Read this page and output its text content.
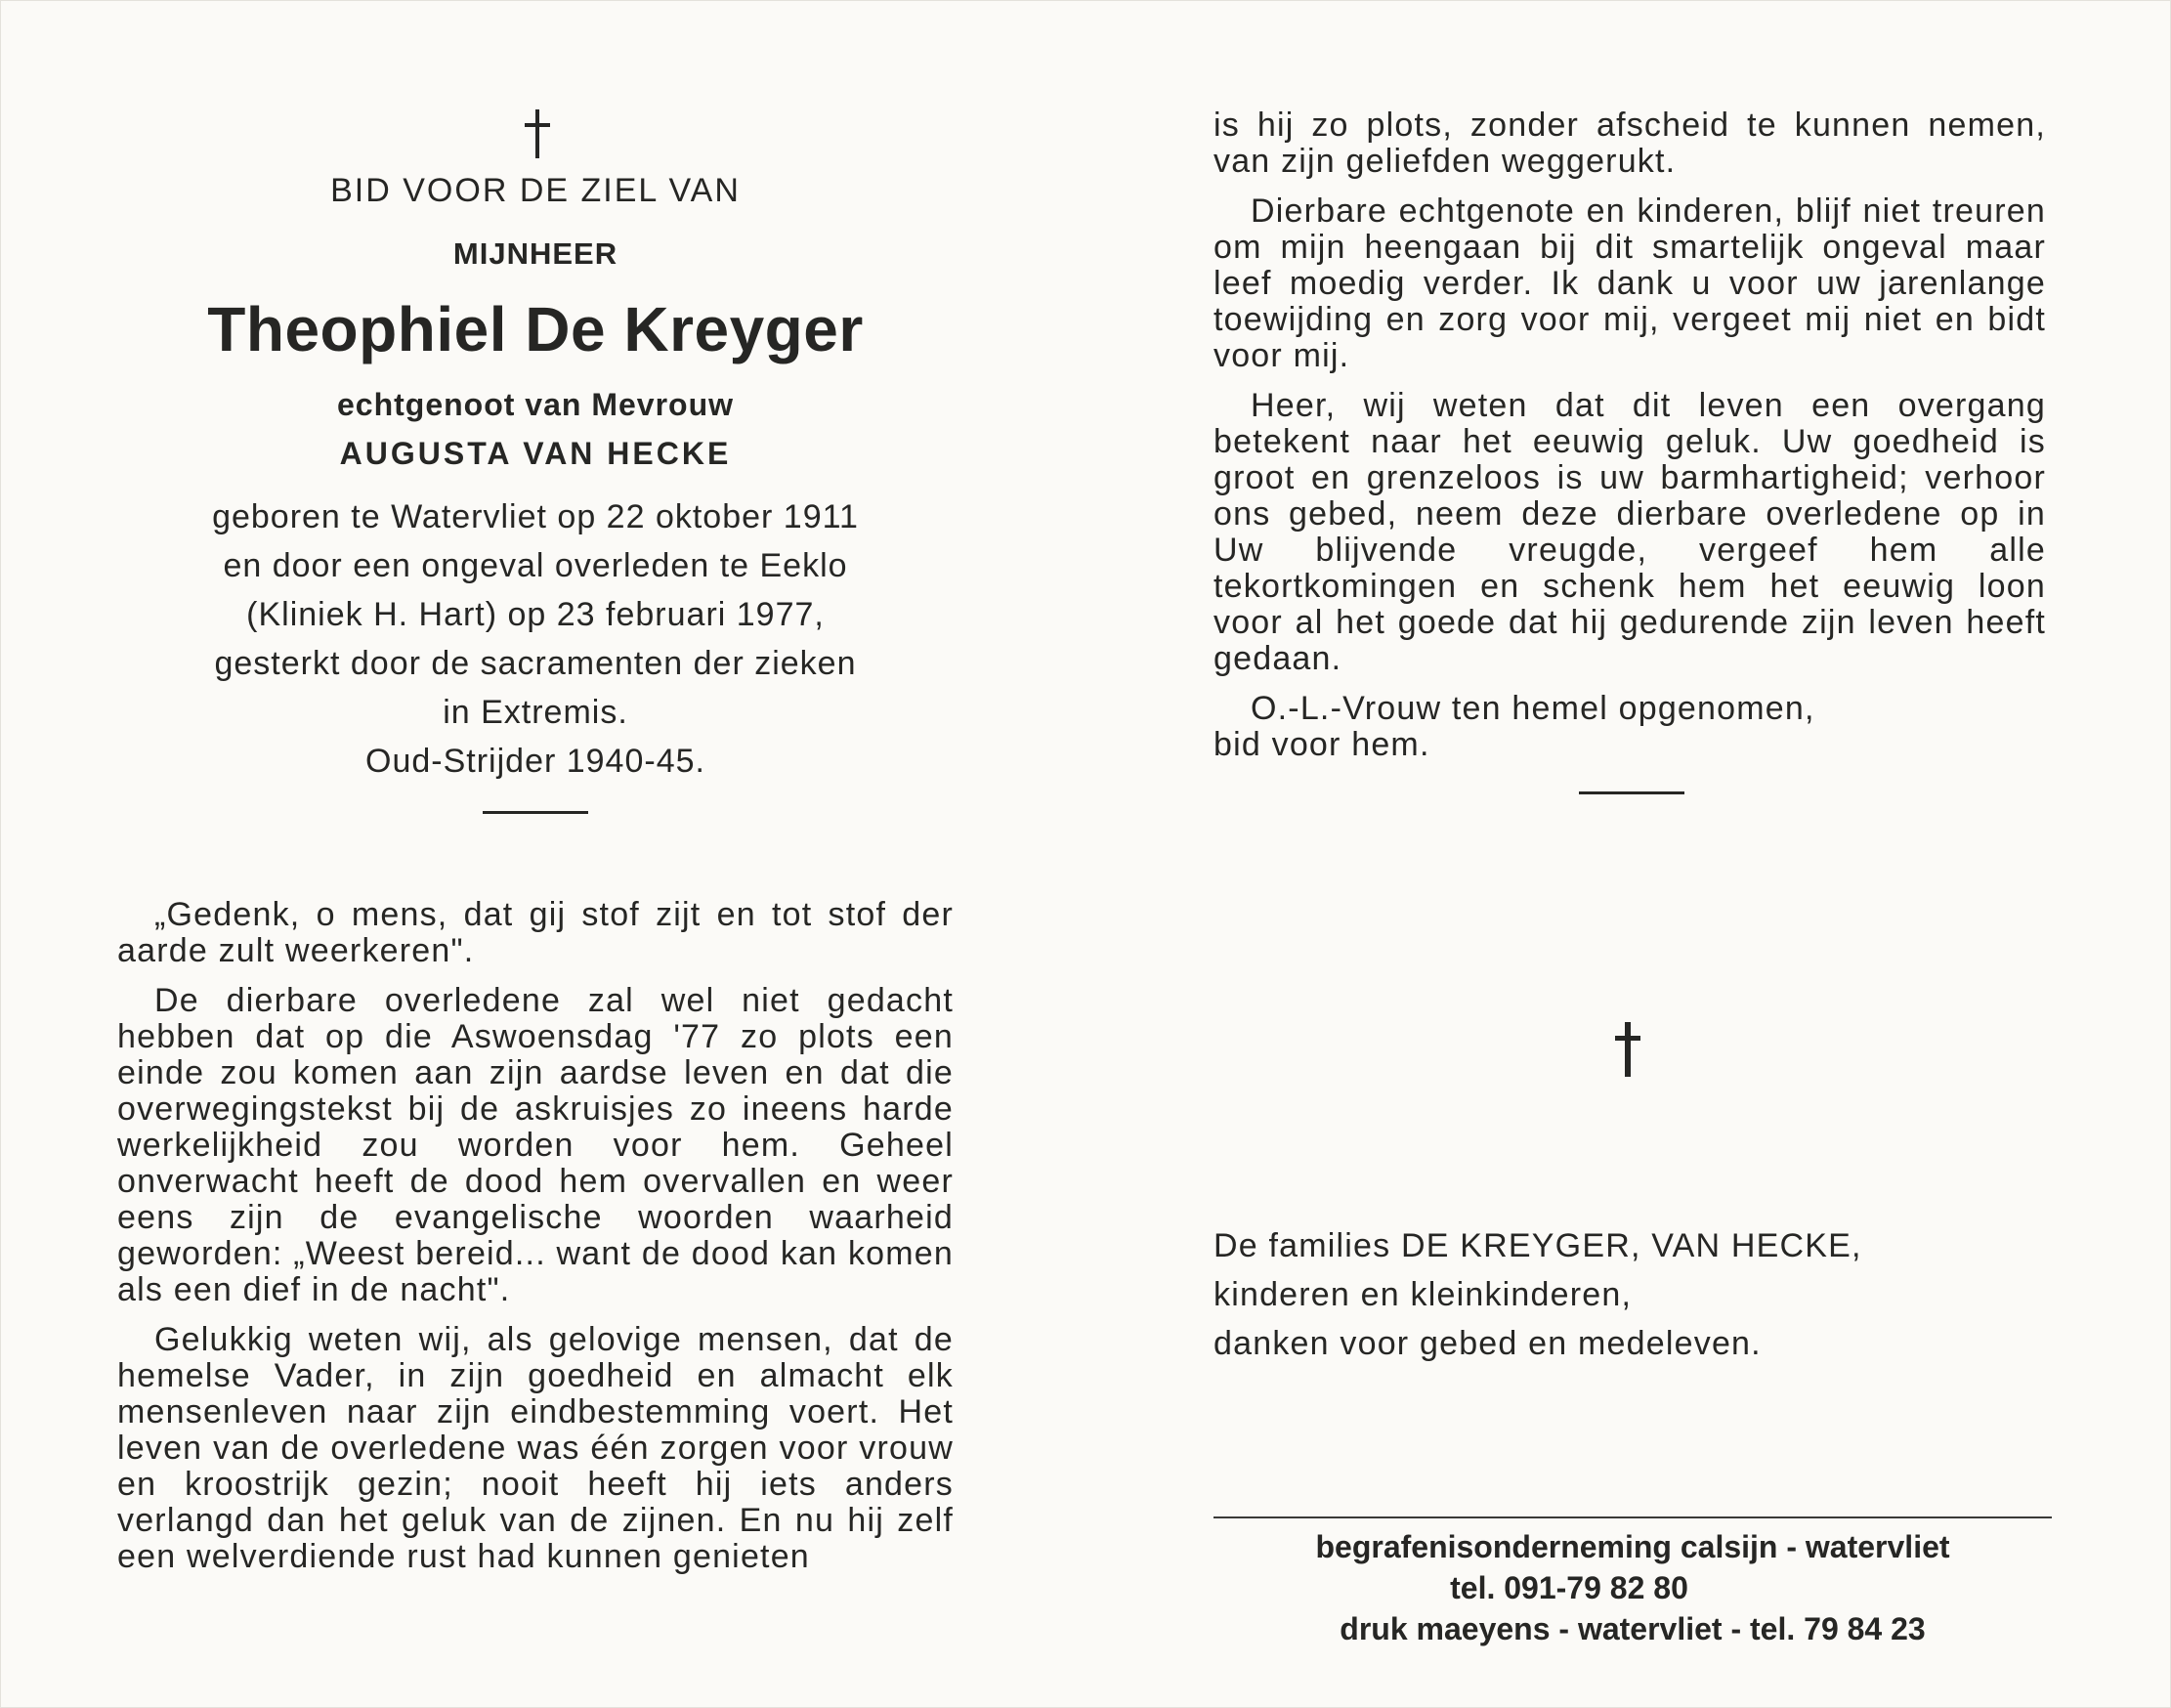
BID VOOR DE ZIEL VAN
MIJNHEER
Theophiel De Kreyger
echtgenoot van Mevrouw
AUGUSTA VAN HECKE
geboren te Watervliet op 22 oktober 1911
en door een ongeval overleden te Eeklo
(Kliniek H. Hart) op 23 februari 1977,
gesterkt door de sacramenten der zieken
in Extremis.
Oud-Strijder 1940-45.

„Gedenk, o mens, dat gij stof zijt en tot stof der aarde zult weerkeren".

De dierbare overledene zal wel niet gedacht hebben dat op die Aswoensdag '77 zo plots een einde zou komen aan zijn aardse leven en dat die overwegingstekst bij de askruisjes zo ineens harde werkelijkheid zou worden voor hem. Geheel onverwacht heeft de dood hem overvallen en weer eens zijn de evangelische woorden waarheid geworden: „Weest bereid... want de dood kan komen als een dief in de nacht".

Gelukkig weten wij, als gelovige mensen, dat de hemelse Vader, in zijn goedheid en almacht elk mensenleven naar zijn eindbestemming voert. Het leven van de overledene was één zorgen voor vrouw en kroostrijk gezin; nooit heeft hij iets anders verlangd dan het geluk van de zijnen. En nu hij zelf een welverdiende rust had kunnen genieten

is hij zo plots, zonder afscheid te kunnen nemen, van zijn geliefden weggerukt.

Dierbare echtgenote en kinderen, blijf niet treuren om mijn heengaan bij dit smartelijk ongeval maar leef moedig verder. Ik dank u voor uw jarenlange toewijding en zorg voor mij, vergeet mij niet en bidt voor mij.

Heer, wij weten dat dit leven een overgang betekent naar het eeuwig geluk. Uw goedheid is groot en grenzeloos is uw barmhartigheid; verhoor ons gebed, neem deze dierbare overledene op in Uw blijvende vreugde, vergeef hem alle tekortkomingen en schenk hem het eeuwig loon voor al het goede dat hij gedurende zijn leven heeft gedaan.

O.-L.-Vrouw ten hemel opgenomen,

bid voor hem.

De families DE KREYGER, VAN HECKE,
kinderen en kleinkinderen,
danken voor gebed en medeleven.
begrafenisonderneming calsijn - watervliet
tel. 091-79 82 80
druk maeyens - watervliet - tel. 79 84 23
